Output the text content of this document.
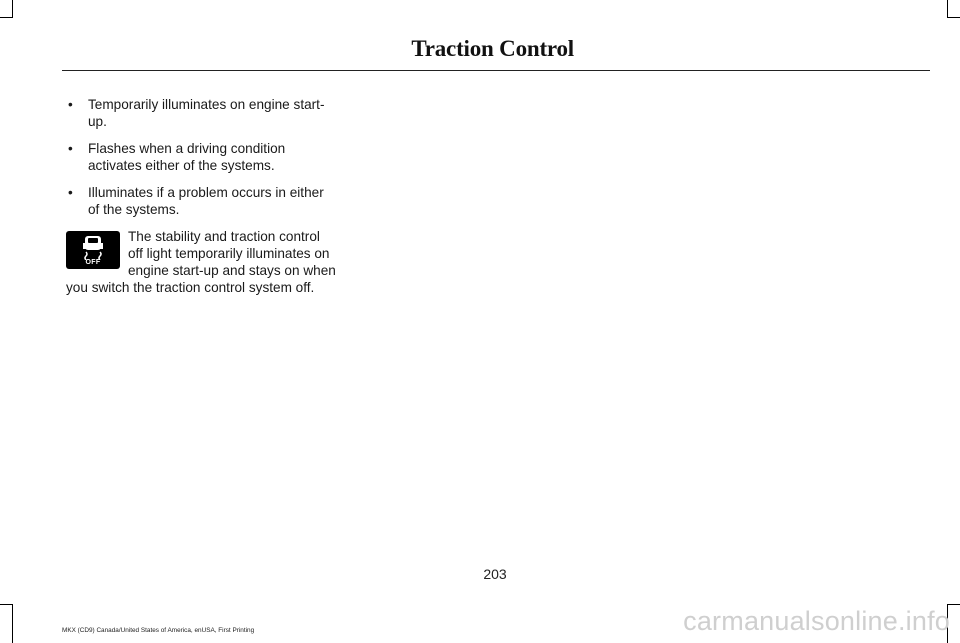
Traction Control
• Temporarily illuminates on engine start-up.
• Flashes when a driving condition activates either of the systems.
• Illuminates if a problem occurs in either of the systems.
OFF
The stability and traction control off light temporarily illuminates on engine start-up and stays on when you switch the traction control system off.
203
MKX (CD9) Canada/United States of America, enUSA, First Printing	carmanualsonline.info
